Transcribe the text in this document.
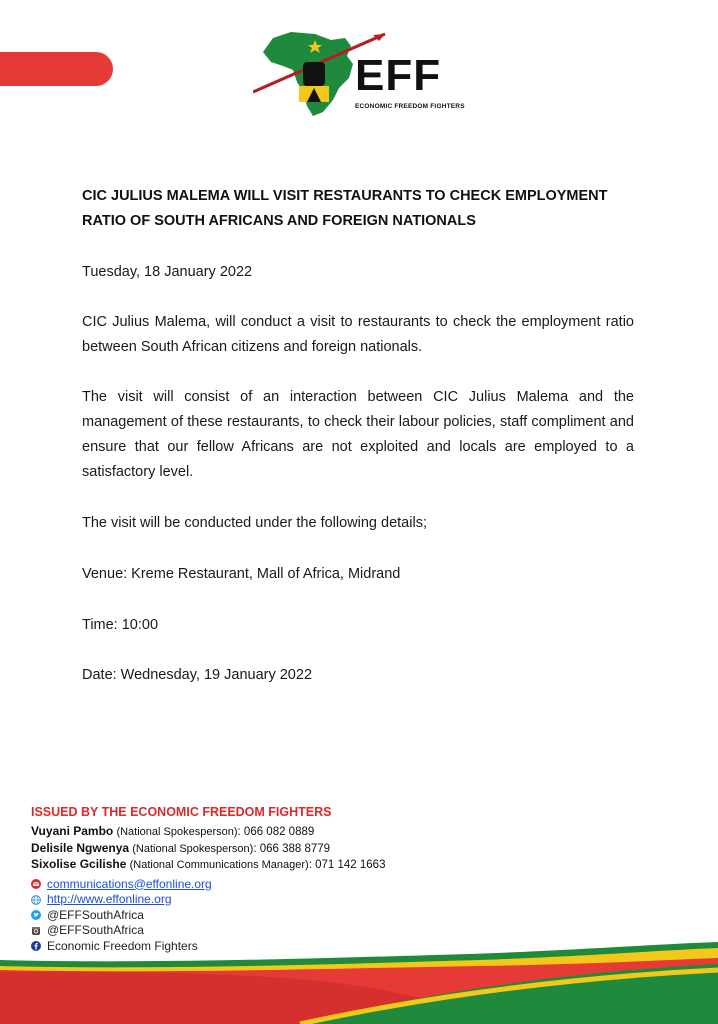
EFF
ECONOMIC FREEDOM FIGHTERS
CIC JULIUS MALEMA WILL VISIT RESTAURANTS TO CHECK EMPLOYMENT RATIO OF SOUTH AFRICANS AND FOREIGN NATIONALS
Tuesday, 18 January 2022
CIC Julius Malema, will conduct a visit to restaurants to check the employment ratio between South African citizens and foreign nationals.
The visit will consist of an interaction between CIC Julius Malema and the management of these restaurants, to check their labour policies, staff compliment and ensure that our fellow Africans are not exploited and locals are employed to a satisfactory level.
The visit will be conducted under the following details;
Venue: Kreme Restaurant, Mall of Africa, Midrand
Time: 10:00
Date: Wednesday, 19 January 2022
ISSUED BY THE ECONOMIC FREEDOM FIGHTERS
Vuyani Pambo (National Spokesperson): 066 082 0889
Delisile Ngwenya (National Spokesperson): 066 388 8779
Sixolise Gcilishe (National Communications Manager): 071 142 1663
communications@effonline.org
http://www.effonline.org
@EFFSouthAfrica
@EFFSouthAfrica
Economic Freedom Fighters
